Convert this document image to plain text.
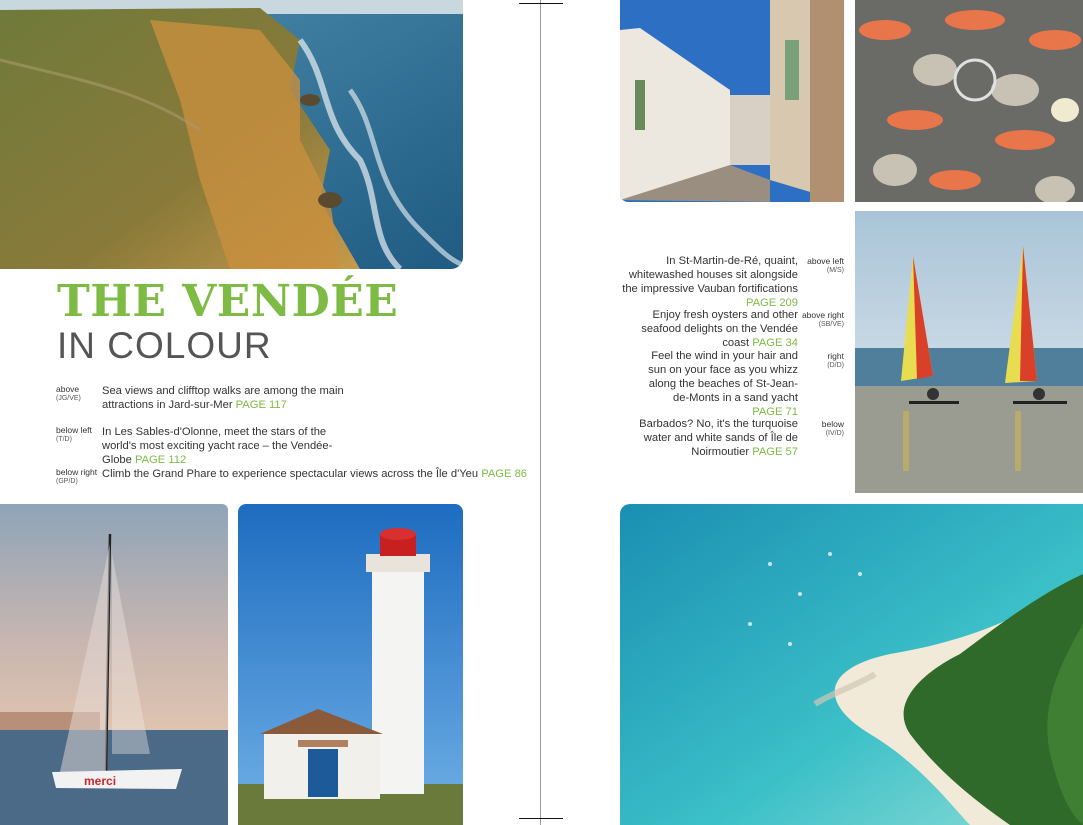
THE VENDÉE
IN COLOUR
above
(JG/VE)
Sea views and clifftop walks are among the main attractions in Jard-sur-Mer PAGE 117
below left
(T/D)
In Les Sables-d'Olonne, meet the stars of the world's most exciting yacht race – the Vendée-Globe PAGE 112
below right
(GP/D)
Climb the Grand Phare to experience spectacular views across the Île d'Yeu PAGE 86
merci
In St-Martin-de-Ré, quaint, whitewashed houses sit alongside the impressive Vauban fortifications PAGE 209
above left
(M/S)
Enjoy fresh oysters and other seafood delights on the Vendée coast PAGE 34
above right
(SB/VE)
Feel the wind in your hair and sun on your face as you whizz along the beaches of St-Jean-de-Monts in a sand yacht PAGE 71
right
(D/D)
Barbados? No, it's the turquoise water and white sands of Île de Noirmoutier PAGE 57
below
(IV/D)
